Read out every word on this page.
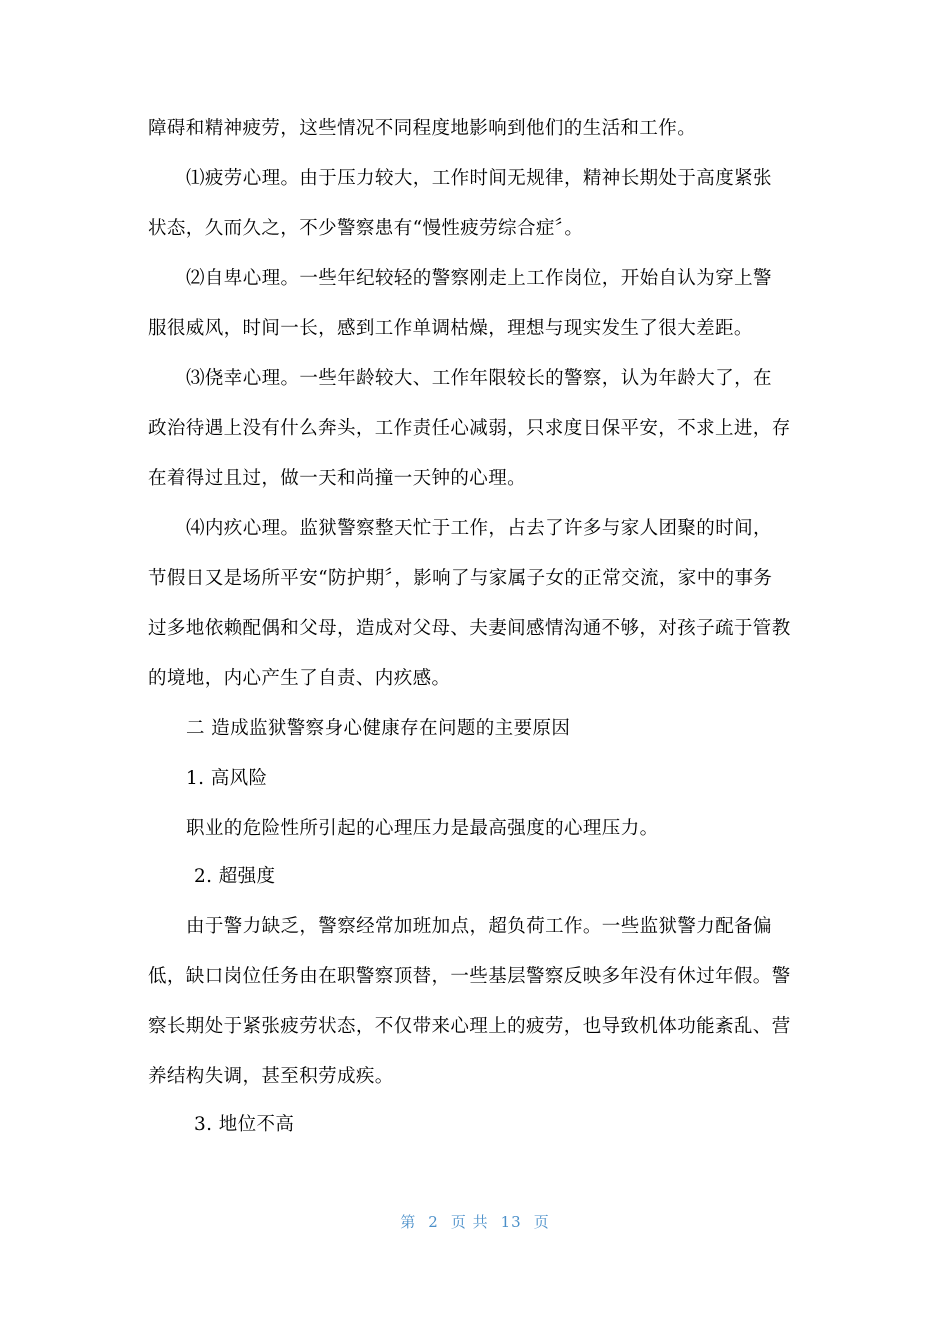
障碍和精神疲劳，这些情况不同程度地影响到他们的生活和工作。
⑴疲劳心理。由于压力较大，工作时间无规律，精神长期处于高度紧张
状态，久而久之，不少警察患有“慢性疲劳综合症〞。
⑵自卑心理。一些年纪较轻的警察刚走上工作岗位，开始自认为穿上警
服很威风，时间一长，感到工作单调枯燥，理想与现实发生了很大差距。
⑶侥幸心理。一些年龄较大、工作年限较长的警察，认为年龄大了，在
政治待遇上没有什么奔头，工作责任心减弱，只求度日保平安，不求上进，存
在着得过且过，做一天和尚撞一天钟的心理。
⑷内疚心理。监狱警察整天忙于工作，占去了许多与家人团聚的时间，
节假日又是场所平安“防护期〞，影响了与家属子女的正常交流，家中的事务
过多地依赖配偶和父母，造成对父母、夫妻间感情沟通不够，对孩子疏于管教
的境地，内心产生了自责、内疚感。
二 造成监狱警察身心健康存在问题的主要原因
1. 高风险
职业的危险性所引起的心理压力是最高强度的心理压力。
2. 超强度
由于警力缺乏，警察经常加班加点，超负荷工作。一些监狱警力配备偏
低，缺口岗位任务由在职警察顶替，一些基层警察反映多年没有休过年假。警
察长期处于紧张疲劳状态，不仅带来心理上的疲劳，也导致机体功能紊乱、营
养结构失调，甚至积劳成疾。
3. 地位不高
第 2 页 共 13 页
